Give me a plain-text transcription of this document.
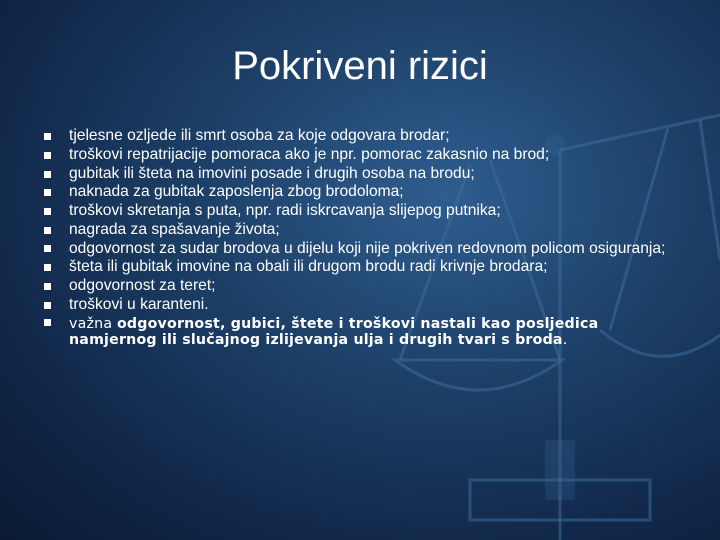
Pokriveni rizici
tjelesne ozljede ili smrt osoba za koje odgovara brodar;
troškovi repatrijacije pomoraca ako je npr. pomorac zakasnio na brod;
gubitak ili šteta na imovini posade i drugih osoba na brodu;
naknada za gubitak zaposlenja zbog brodoloma;
troškovi skretanja s puta, npr. radi iskrcavanja slijepog putnika;
nagrada za spašavanje života;
odgovornost za sudar brodova u dijelu koji nije pokriven redovnom policom osiguranja;
šteta ili gubitak imovine na obali ili drugom brodu radi krivnje brodara;
odgovornost za teret;
troškovi u karanteni.
važna odgovornost, gubici, štete i troškovi nastali kao posljedica namjernog ili slučajnog izlijevanja ulja i drugih tvari s broda.
